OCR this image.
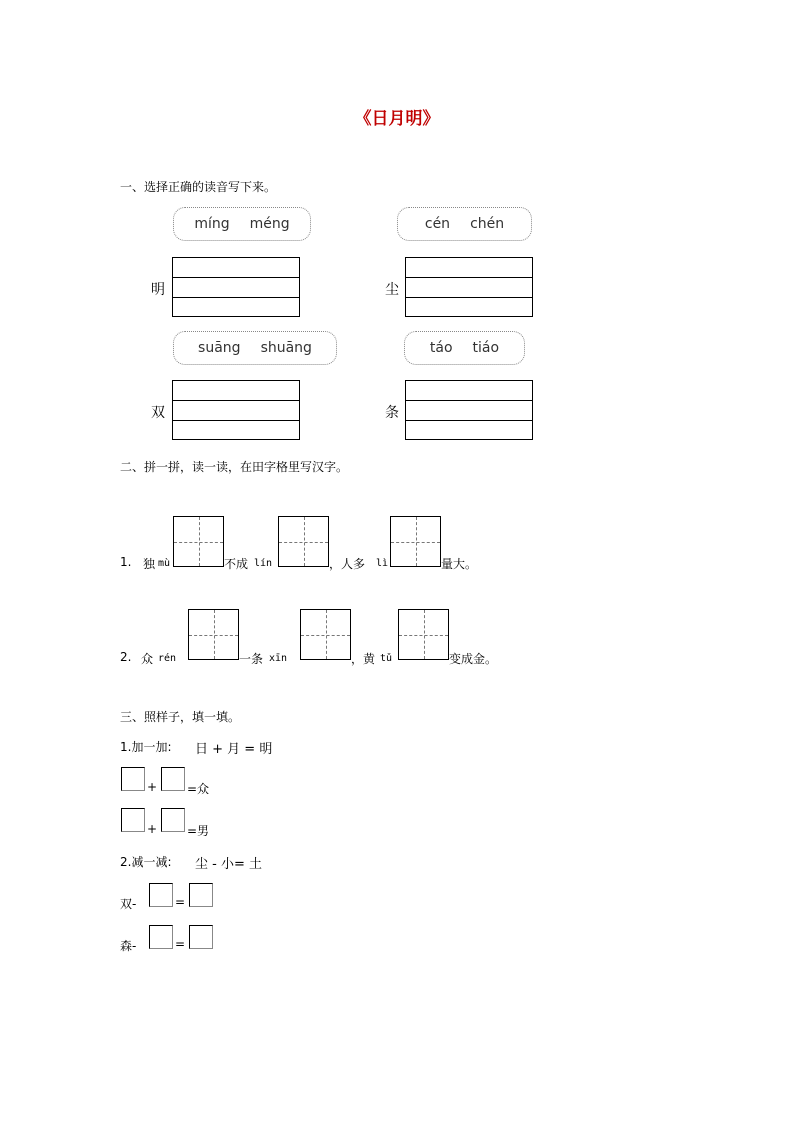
《日月明》
一、选择正确的读音写下来。
míng méng
明
cén chén
尘
suāng shuāng
双
táo tiáo
条
二、拼一拼，读一读，在田字格里写汉字。
1. 独 mù	不成 lín	，人多 lì	量大。
2. 众 rén	一条 xīn	，黄 tǔ	变成金。
三、照样子，填一填。
1.加一加: 日 + 月 = 明
+ =众
+ =男
2.减一减: 尘 - 小= 土
双-	=
森-	=
